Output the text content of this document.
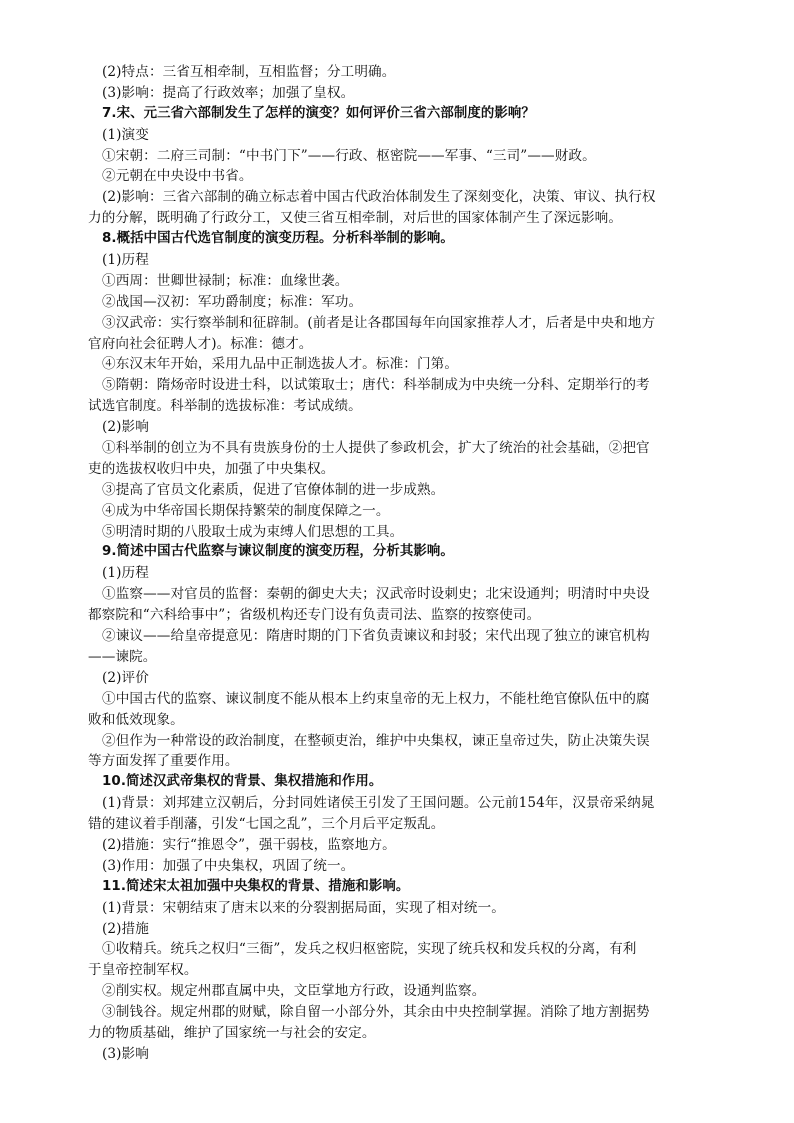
(2)特点：三省互相牵制，互相监督；分工明确。
(3)影响：提高了行政效率；加强了皇权。
7.宋、元三省六部制发生了怎样的演变？如何评价三省六部制度的影响？
(1)演变
①宋朝：二府三司制：“中书门下”——行政、枢密院——军事、“三司”——财政。
②元朝在中央设中书省。
(2)影响：三省六部制的确立标志着中国古代政治体制发生了深刻变化，决策、审议、执行权
力的分解，既明确了行政分工，又使三省互相牵制，对后世的国家体制产生了深远影响。
8.概括中国古代选官制度的演变历程。分析科举制的影响。
(1)历程
①西周：世卿世禄制；标准：血缘世袭。
②战国—汉初：军功爵制度；标准：军功。
③汉武帝：实行察举制和征辟制。(前者是让各郡国每年向国家推荐人才，后者是中央和地方
官府向社会征聘人才)。标准：德才。
④东汉末年开始，采用九品中正制选拔人才。标准：门第。
⑤隋朝：隋炀帝时设进士科，以试策取士；唐代：科举制成为中央统一分科、定期举行的考
试选官制度。科举制的选拔标准：考试成绩。
(2)影响
①科举制的创立为不具有贵族身份的士人提供了参政机会，扩大了统治的社会基础，②把官
吏的选拔权收归中央，加强了中央集权。
③提高了官员文化素质，促进了官僚体制的进一步成熟。
④成为中华帝国长期保持繁荣的制度保障之一。
⑤明清时期的八股取士成为束缚人们思想的工具。
9.简述中国古代监察与谏议制度的演变历程，分析其影响。
(1)历程
①监察——对官员的监督：秦朝的御史大夫；汉武帝时设刺史；北宋设通判；明清时中央设
都察院和“六科给事中”；省级机构还专门设有负责司法、监察的按察使司。
②谏议——给皇帝提意见：隋唐时期的门下省负责谏议和封驳；宋代出现了独立的谏官机构
——谏院。
(2)评价
①中国古代的监察、谏议制度不能从根本上约束皇帝的无上权力，不能杜绝官僚队伍中的腐
败和低效现象。
②但作为一种常设的政治制度，在整顿吏治，维护中央集权，谏正皇帝过失，防止决策失误
等方面发挥了重要作用。
10.简述汉武帝集权的背景、集权措施和作用。
(1)背景：刘邦建立汉朝后，分封同姓诸侯王引发了王国问题。公元前154年，汉景帝采纳晁
错的建议着手削藩，引发“七国之乱”，三个月后平定叛乱。
(2)措施：实行“推恩令”，强干弱枝，监察地方。
(3)作用：加强了中央集权，巩固了统一。
11.简述宋太祖加强中央集权的背景、措施和影响。
(1)背景：宋朝结束了唐末以来的分裂割据局面，实现了相对统一。
(2)措施
①收精兵。统兵之权归“三衙”，发兵之权归枢密院，实现了统兵权和发兵权的分离，有利
于皇帝控制军权。
②削实权。规定州郡直属中央，文臣掌地方行政，设通判监察。
③制钱谷。规定州郡的财赋，除自留一小部分外，其余由中央控制掌握。消除了地方割据势
力的物质基础，维护了国家统一与社会的安定。
(3)影响
